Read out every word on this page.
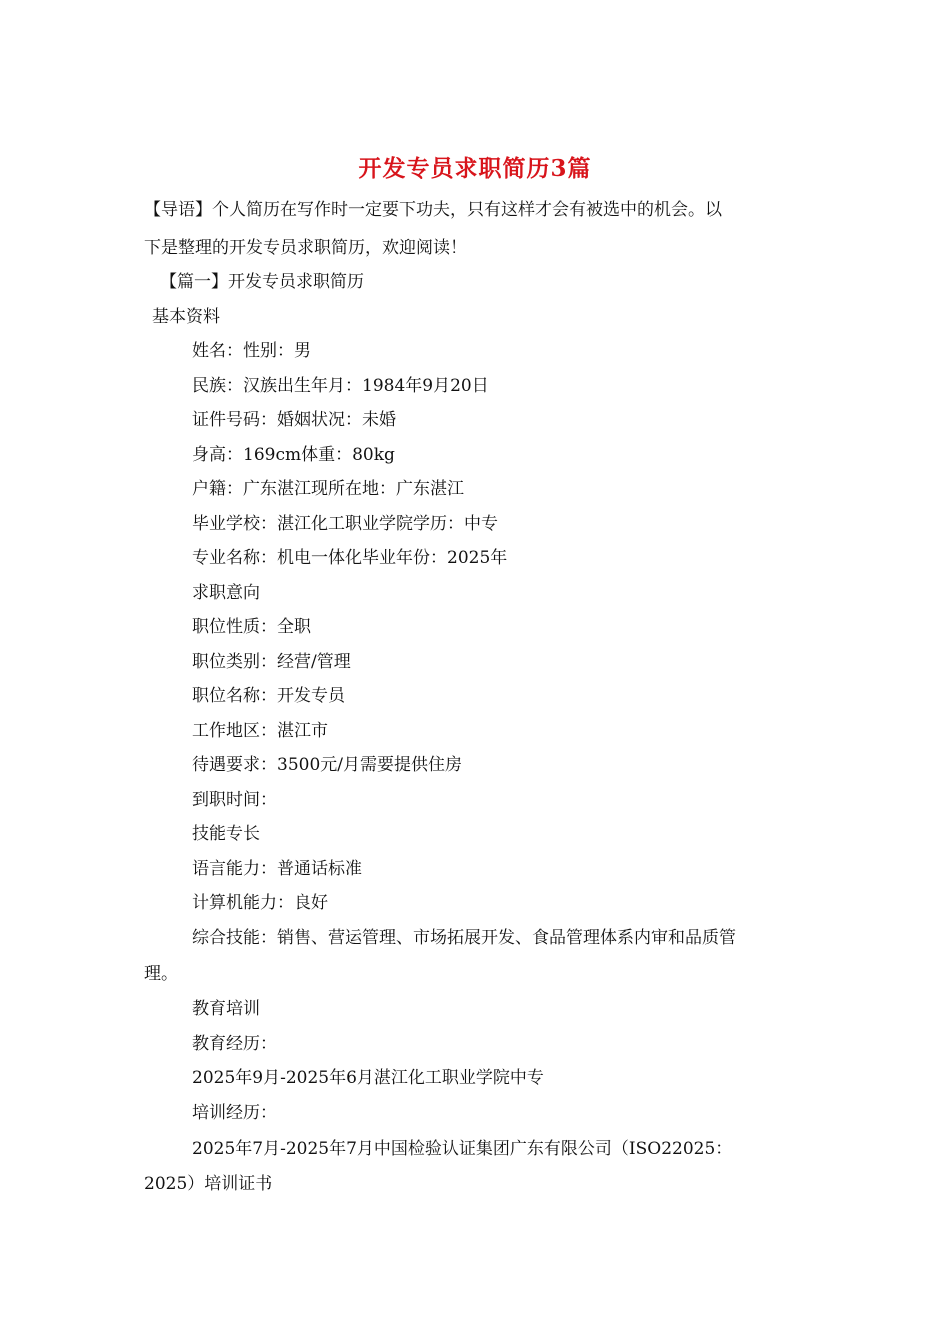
开发专员求职简历3篇
【导语】个人简历在写作时一定要下功夫，只有这样才会有被选中的机会。以
下是整理的开发专员求职简历，欢迎阅读！
【篇一】开发专员求职简历
基本资料
姓名：性别：男
民族：汉族出生年月：1984年9月20日
证件号码：婚姻状况：未婚
身高：169cm体重：80kg
户籍：广东湛江现所在地：广东湛江
毕业学校：湛江化工职业学院学历：中专
专业名称：机电一体化毕业年份：2025年
求职意向
职位性质：全职
职位类别：经营/管理
职位名称：开发专员
工作地区：湛江市
待遇要求：3500元/月需要提供住房
到职时间：
技能专长
语言能力：普通话标准
计算机能力：良好
综合技能：销售、营运管理、市场拓展开发、食品管理体系内审和品质管
理。
教育培训
教育经历：
2025年9月-2025年6月湛江化工职业学院中专
培训经历：
2025年7月-2025年7月中国检验认证集团广东有限公司（ISO22025：
2025）培训证书
